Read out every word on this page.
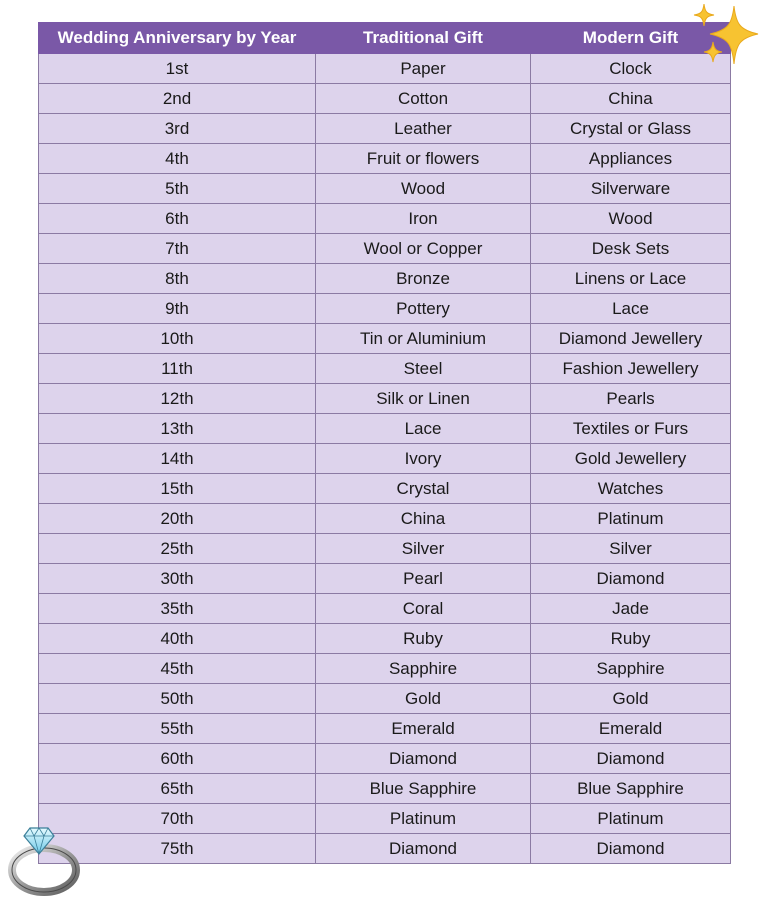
Wedding Anniversary by Year	Traditional Gift	Modern Gift
1st	Paper	Clock
2nd	Cotton	China
3rd	Leather	Crystal or Glass
4th	Fruit or flowers	Appliances
5th	Wood	Silverware
6th	Iron	Wood
7th	Wool or Copper	Desk Sets
8th	Bronze	Linens or Lace
9th	Pottery	Lace
10th	Tin or Aluminium	Diamond Jewellery
11th	Steel	Fashion Jewellery
12th	Silk or Linen	Pearls
13th	Lace	Textiles or Furs
14th	Ivory	Gold Jewellery
15th	Crystal	Watches
20th	China	Platinum
25th	Silver	Silver
30th	Pearl	Diamond
35th	Coral	Jade
40th	Ruby	Ruby
45th	Sapphire	Sapphire
50th	Gold	Gold
55th	Emerald	Emerald
60th	Diamond	Diamond
65th	Blue Sapphire	Blue Sapphire
70th	Platinum	Platinum
75th	Diamond	Diamond
